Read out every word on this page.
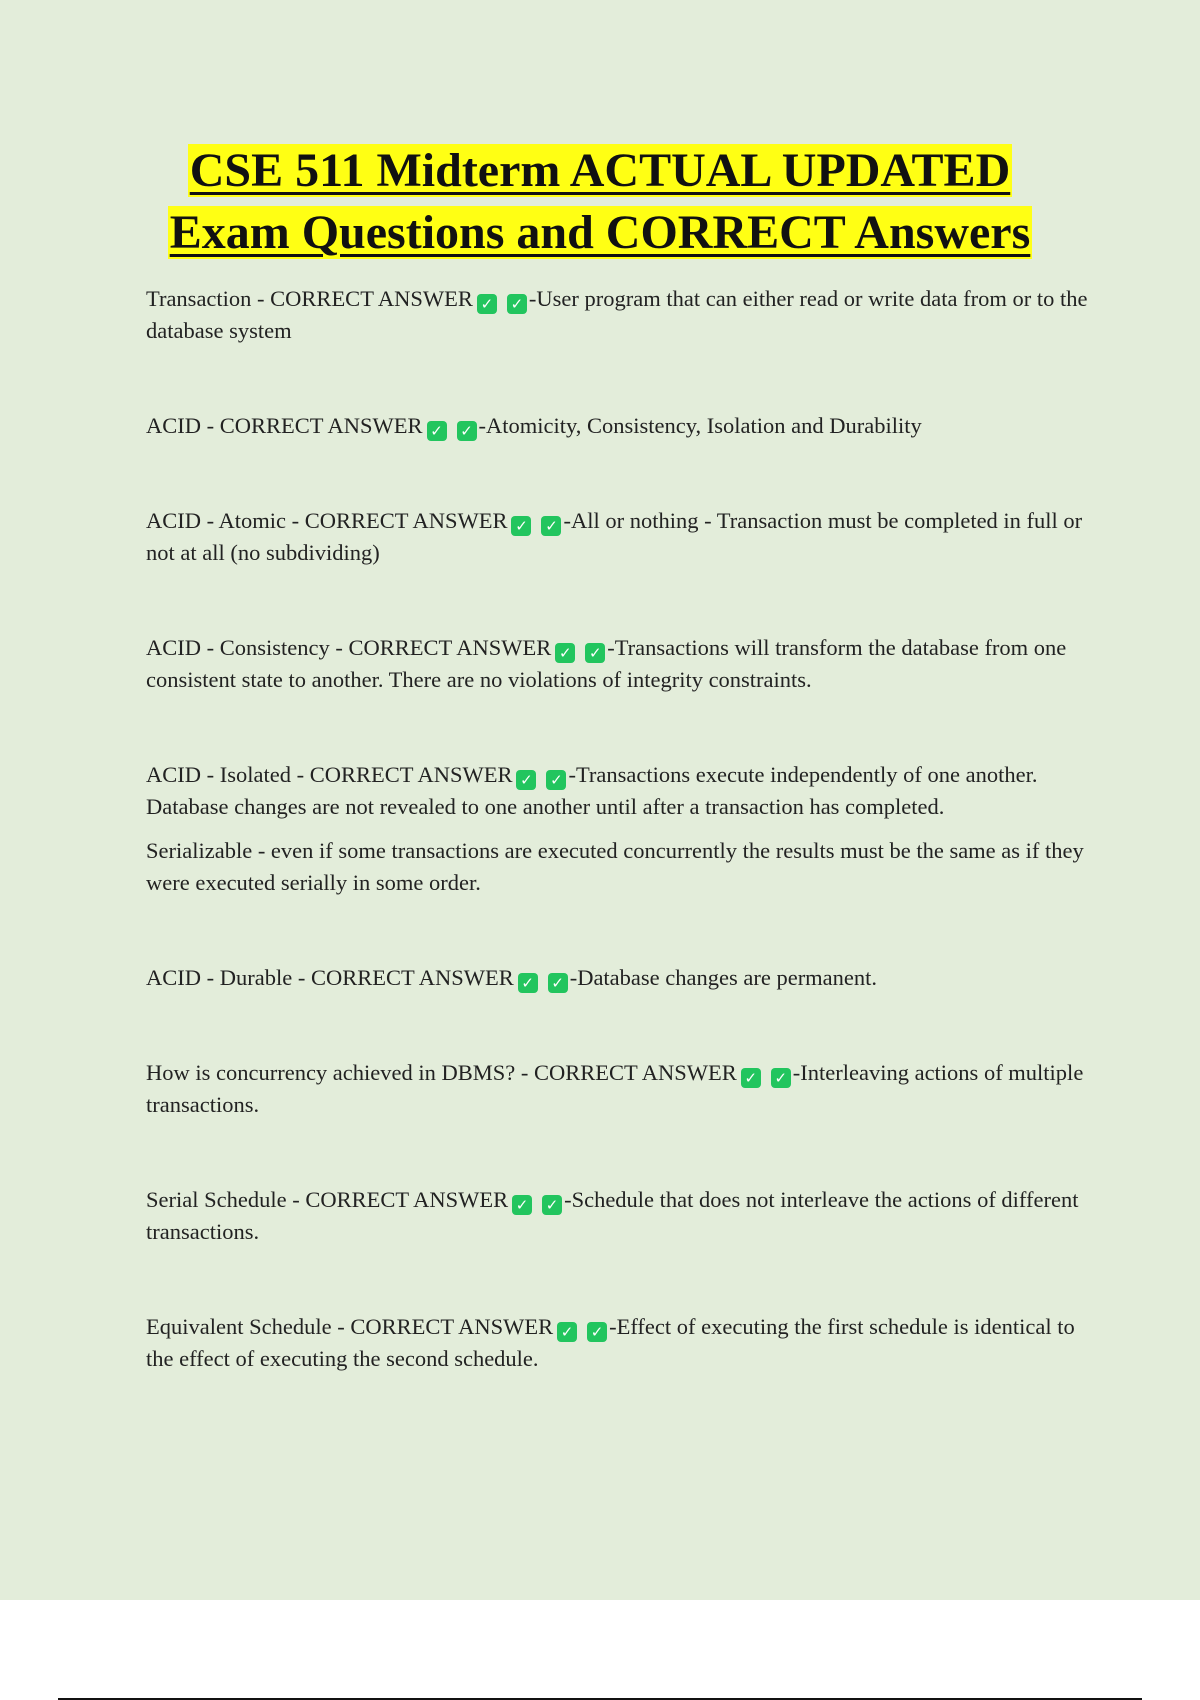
CSE 511 Midterm ACTUAL UPDATED
Exam Questions and CORRECT Answers

Transaction - CORRECT ANSWER ✓ ✓ -User program that can either read or write data from or to the database system

ACID - CORRECT ANSWER ✓ ✓ -Atomicity, Consistency, Isolation and Durability

ACID - Atomic - CORRECT ANSWER ✓ ✓ -All or nothing - Transaction must be completed in full or not at all (no subdividing)

ACID - Consistency - CORRECT ANSWER ✓ ✓ -Transactions will transform the database from one consistent state to another. There are no violations of integrity constraints.

ACID - Isolated - CORRECT ANSWER ✓ ✓ -Transactions execute independently of one another. Database changes are not revealed to one another until after a transaction has completed.

Serializable - even if some transactions are executed concurrently the results must be the same as if they were executed serially in some order.

ACID - Durable - CORRECT ANSWER ✓ ✓ -Database changes are permanent.

How is concurrency achieved in DBMS? - CORRECT ANSWER ✓ ✓ -Interleaving actions of multiple transactions.

Serial Schedule - CORRECT ANSWER ✓ ✓ -Schedule that does not interleave the actions of different transactions.

Equivalent Schedule - CORRECT ANSWER ✓ ✓ -Effect of executing the first schedule is identical to the effect of executing the second schedule.
